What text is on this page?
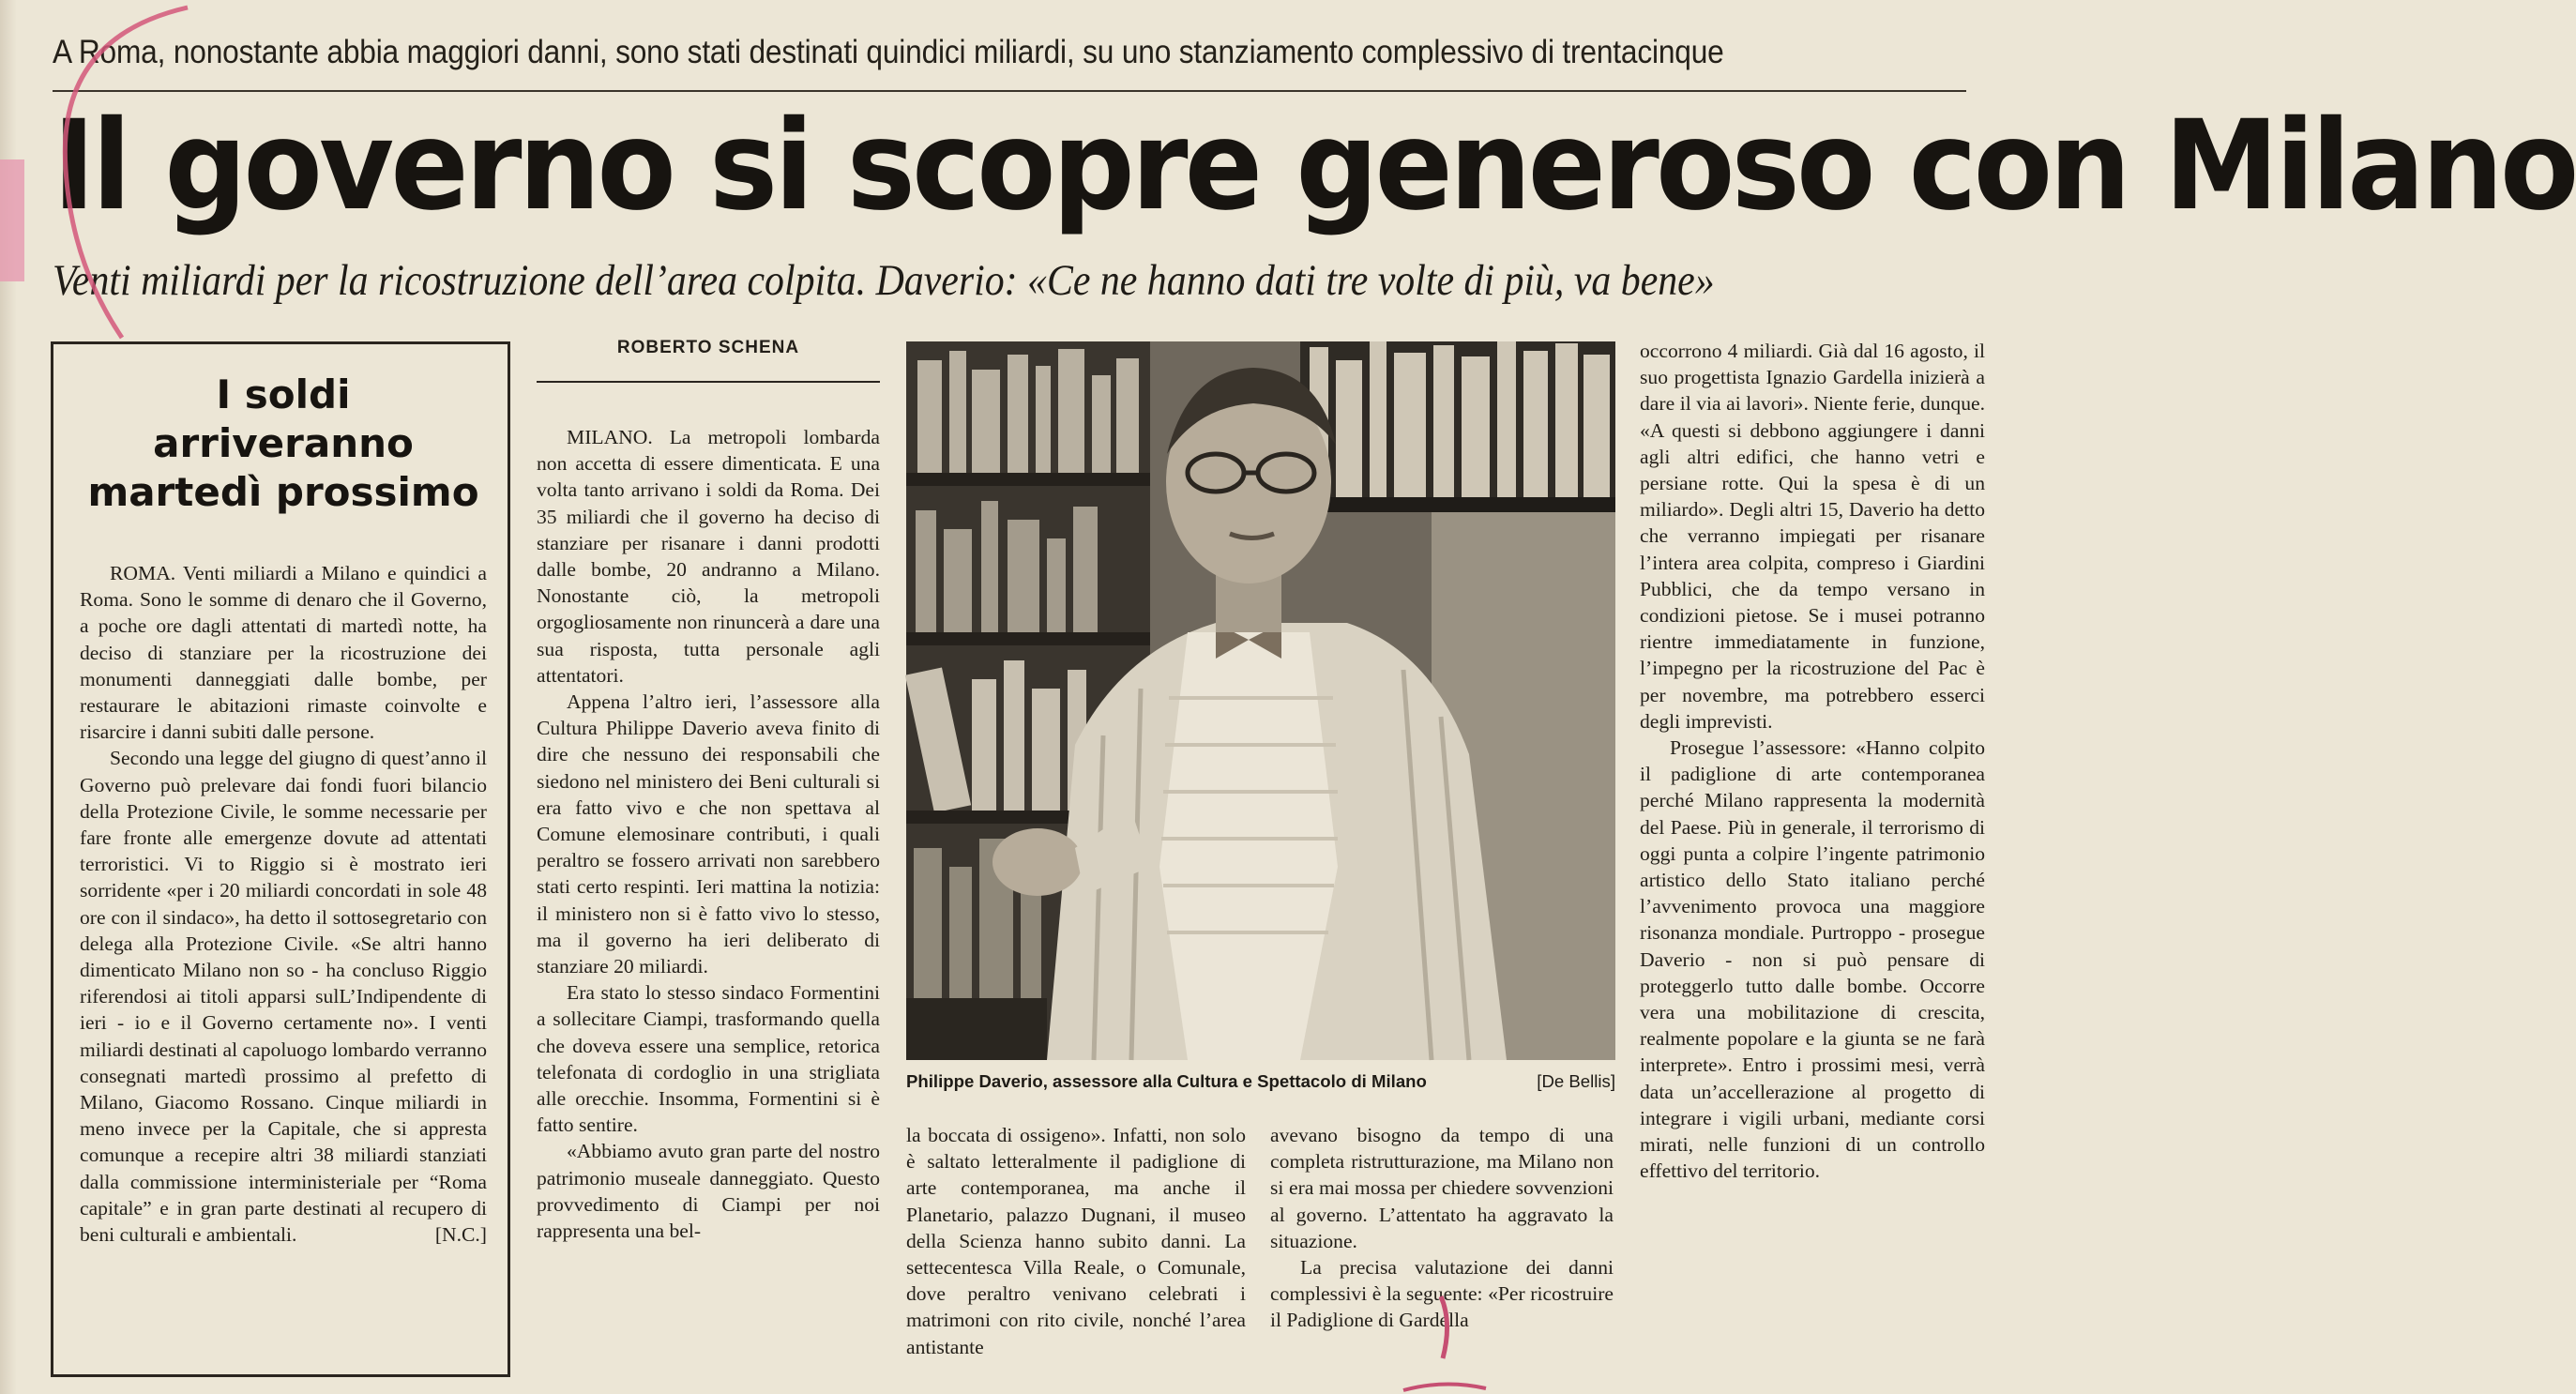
A Roma, nonostante abbia maggiori danni, sono stati destinati quindici miliardi, su uno stanziamento complessivo di trentacinque
Il governo si scopre generoso con Milano
Venti miliardi per la ricostruzione dell’area colpita. Daverio: «Ce ne hanno dati tre volte di più, va bene»
I soldi arriveranno martedì prossimo

ROMA. Venti miliardi a Milano e quindici a Roma. Sono le somme di denaro che il Governo, a poche ore dagli attentati di martedì notte, ha deciso di stanziare per la ricostruzione dei monumenti danneggiati dalle bombe, per restaurare le abitazioni rimaste coinvolte e risarcire i danni subiti dalle persone.

Secondo una legge del giugno di quest’anno il Governo può prelevare dai fondi fuori bilancio della Protezione Civile, le somme necessarie per fare fronte alle emergenze dovute ad attentati terroristici. Vi to Riggio si è mostrato ieri sorridente «per i 20 miliardi concordati in sole 48 ore con il sindaco», ha detto il sottosegretario con delega alla Protezione Civile. «Se altri hanno dimenticato Milano non so - ha concluso Riggio riferendosi ai titoli apparsi sulL’Indipendente di ieri - io e il Governo certamente no». I venti miliardi destinati al capoluogo lombardo verranno consegnati martedì prossimo al prefetto di Milano, Giacomo Rossano. Cinque miliardi in meno invece per la Capitale, che si appresta comunque a recepire altri 38 miliardi stanziati dalla commissione interministeriale per “Roma capitale” e in gran parte destinati al recupero di beni culturali e ambientali.	[N.C.]

ROBERTO SCHENA

MILANO. La metropoli lombarda non accetta di essere dimenticata. E una volta tanto arrivano i soldi da Roma. Dei 35 miliardi che il governo ha deciso di stanziare per risanare i danni prodotti dalle bombe, 20 andranno a Milano. Nonostante ciò, la metropoli orgogliosamente non rinuncerà a dare una sua risposta, tutta personale agli attentatori.

Appena l’altro ieri, l’assessore alla Cultura Philippe Daverio aveva finito di dire che nessuno dei responsabili che siedono nel ministero dei Beni culturali si era fatto vivo e che non spettava al Comune elemosinare contributi, i quali peraltro se fossero arrivati non sarebbero stati certo respinti. Ieri mattina la notizia: il ministero non si è fatto vivo lo stesso, ma il governo ha ieri deliberato di stanziare 20 miliardi.

Era stato lo stesso sindaco Formentini a sollecitare Ciampi, trasformando quella che doveva essere una semplice, retorica telefonata di cordoglio in una strigliata alle orecchie. Insomma, Formentini si è fatto sentire.

«Abbiamo avuto gran parte del nostro patrimonio museale danneggiato. Questo provvedimento di Ciampi per noi rappresenta una bel-

Philippe Daverio, assessore alla Cultura e Spettacolo di Milano	[De Bellis]

la boccata di ossigeno». Infatti, non solo è saltato letteralmente il padiglione di arte contemporanea, ma anche il Planetario, palazzo Dugnani, il museo della Scienza hanno subito danni. La settecentesca Villa Reale, o Comunale, dove peraltro venivano celebrati i matrimoni con rito civile, nonché l’area antistante

avevano bisogno da tempo di una completa ristrutturazione, ma Milano non si era mai mossa per chiedere sovvenzioni al governo. L’attentato ha aggravato la situazione.

La precisa valutazione dei danni complessivi è la seguente: «Per ricostruire il Padiglione di Gardella

occorrono 4 miliardi. Già dal 16 agosto, il suo progettista Ignazio Gardella inizierà a dare il via ai lavori». Niente ferie, dunque. «A questi si debbono aggiungere i danni agli altri edifici, che hanno vetri e persiane rotte. Qui la spesa è di un miliardo». Degli altri 15, Daverio ha detto che verranno impiegati per risanare l’intera area colpita, compreso i Giardini Pubblici, che da tempo versano in condizioni pietose. Se i musei potranno rientre immediatamente in funzione, l’impegno per la ricostruzione del Pac è per novembre, ma potrebbero esserci degli imprevisti.

Prosegue l’assessore: «Hanno colpito il padiglione di arte contemporanea perché Milano rappresenta la modernità del Paese. Più in generale, il terrorismo di oggi punta a colpire l’ingente patrimonio artistico dello Stato italiano perché l’avvenimento provoca una maggiore risonanza mondiale. Purtroppo - prosegue Daverio - non si può pensare di proteggerlo tutto dalle bombe. Occorre vera una mobilitazione di crescita, realmente popolare e la giunta se ne farà interprete». Entro i prossimi mesi, verrà data un’accellerazione al progetto di integrare i vigili urbani, mediante corsi mirati, nelle funzioni di un controllo effettivo del territorio.
